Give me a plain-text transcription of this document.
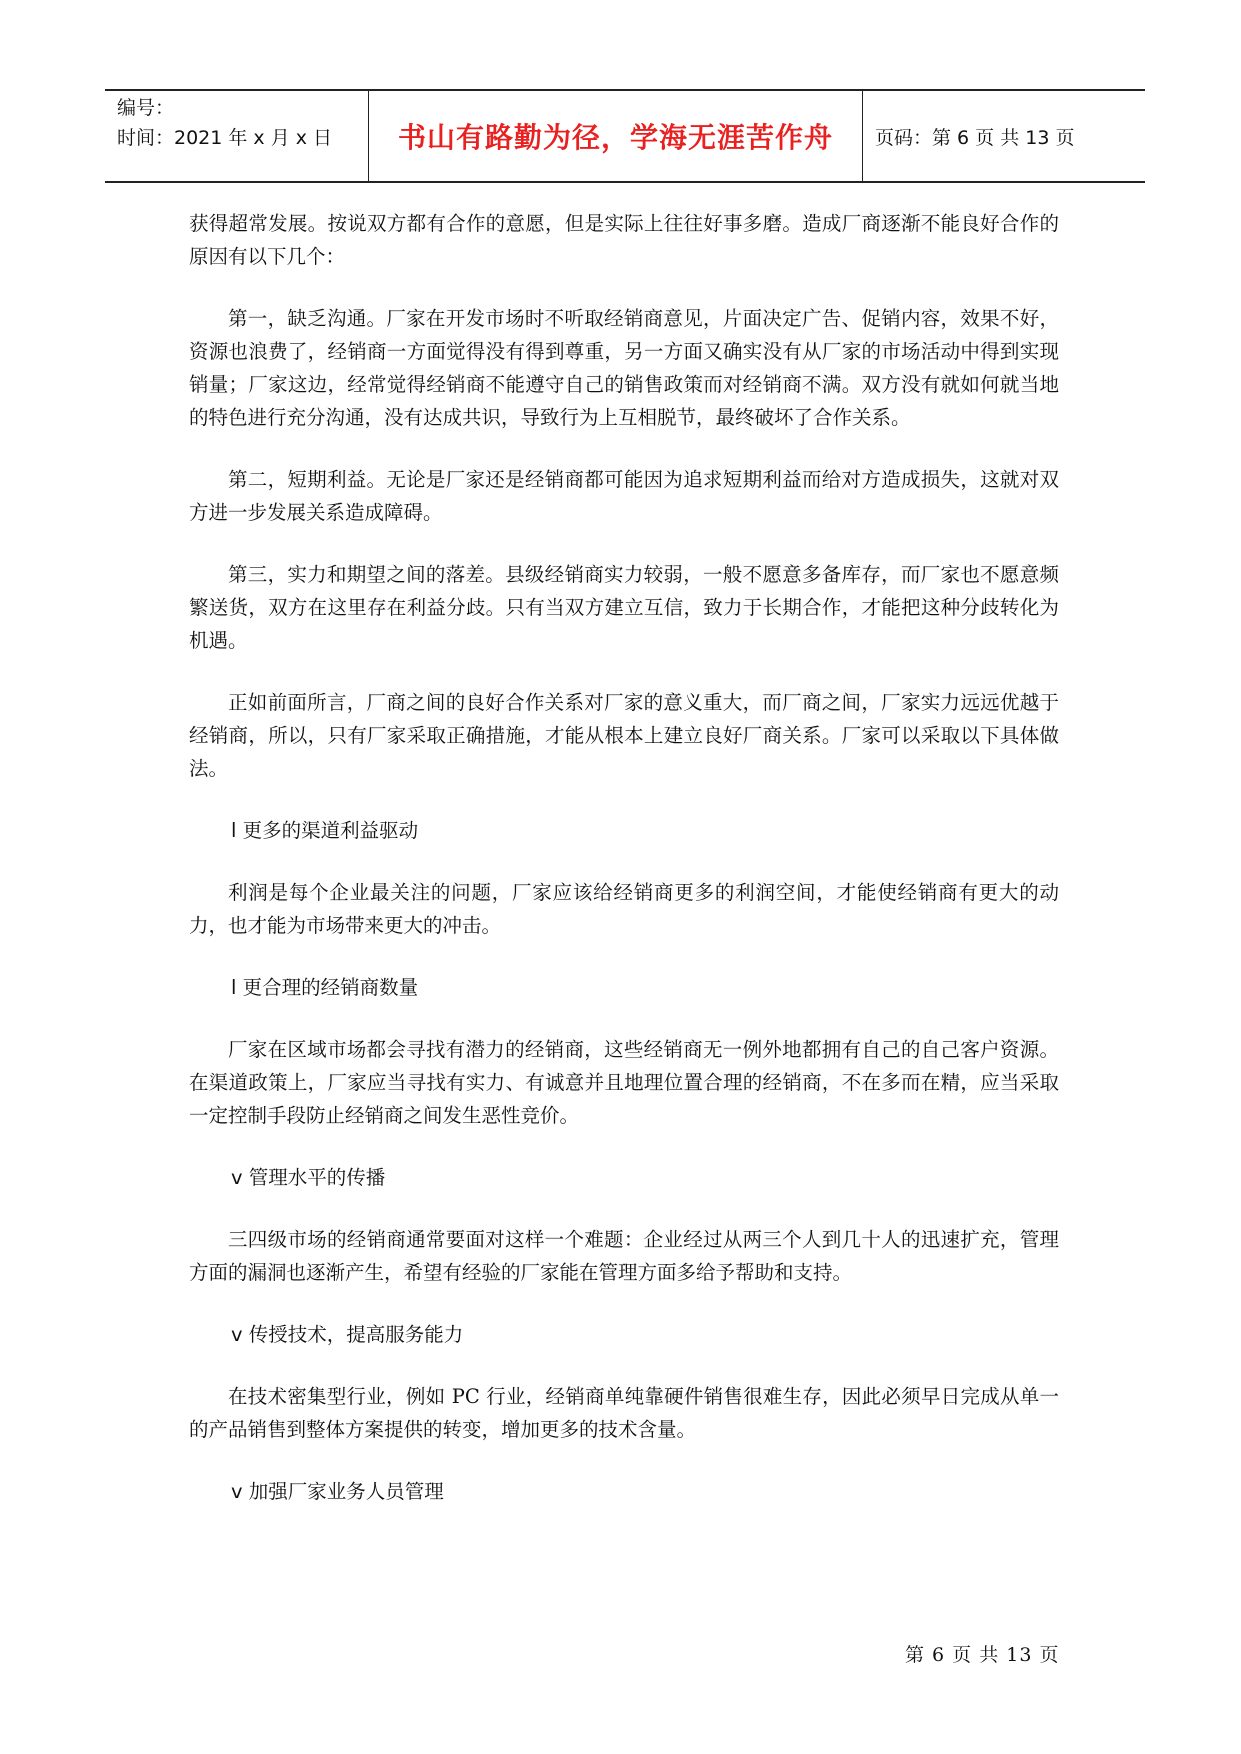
编号：
时间：2021 年 x 月 x 日	书山有路勤为径，学海无涯苦作舟 页码：第 6 页 共 13 页

获得超常发展。按说双方都有合作的意愿，但是实际上往往好事多磨。造成厂商逐渐不能良好合作的原因有以下几个：

第一，缺乏沟通。厂家在开发市场时不听取经销商意见，片面决定广告、促销内容，效果不好，资源也浪费了，经销商一方面觉得没有得到尊重，另一方面又确实没有从厂家的市场活动中得到实现销量；厂家这边，经常觉得经销商不能遵守自己的销售政策而对经销商不满。双方没有就如何就当地的特色进行充分沟通，没有达成共识，导致行为上互相脱节，最终破坏了合作关系。

第二，短期利益。无论是厂家还是经销商都可能因为追求短期利益而给对方造成损失，这就对双方进一步发展关系造成障碍。

第三，实力和期望之间的落差。县级经销商实力较弱，一般不愿意多备库存，而厂家也不愿意频繁送货，双方在这里存在利益分歧。只有当双方建立互信，致力于长期合作，才能把这种分歧转化为机遇。

正如前面所言，厂商之间的良好合作关系对厂家的意义重大，而厂商之间，厂家实力远远优越于经销商，所以，只有厂家采取正确措施，才能从根本上建立良好厂商关系。厂家可以采取以下具体做法。

l 更多的渠道利益驱动

利润是每个企业最关注的问题，厂家应该给经销商更多的利润空间，才能使经销商有更大的动力，也才能为市场带来更大的冲击。

l 更合理的经销商数量

厂家在区域市场都会寻找有潜力的经销商，这些经销商无一例外地都拥有自己的自己客户资源。在渠道政策上，厂家应当寻找有实力、有诚意并且地理位置合理的经销商，不在多而在精，应当采取一定控制手段防止经销商之间发生恶性竞价。

v 管理水平的传播

三四级市场的经销商通常要面对这样一个难题：企业经过从两三个人到几十人的迅速扩充，管理方面的漏洞也逐渐产生，希望有经验的厂家能在管理方面多给予帮助和支持。

v 传授技术，提高服务能力

在技术密集型行业，例如 PC 行业，经销商单纯靠硬件销售很难生存，因此必须早日完成从单一的产品销售到整体方案提供的转变，增加更多的技术含量。

v 加强厂家业务人员管理

第 6 页 共 13 页
